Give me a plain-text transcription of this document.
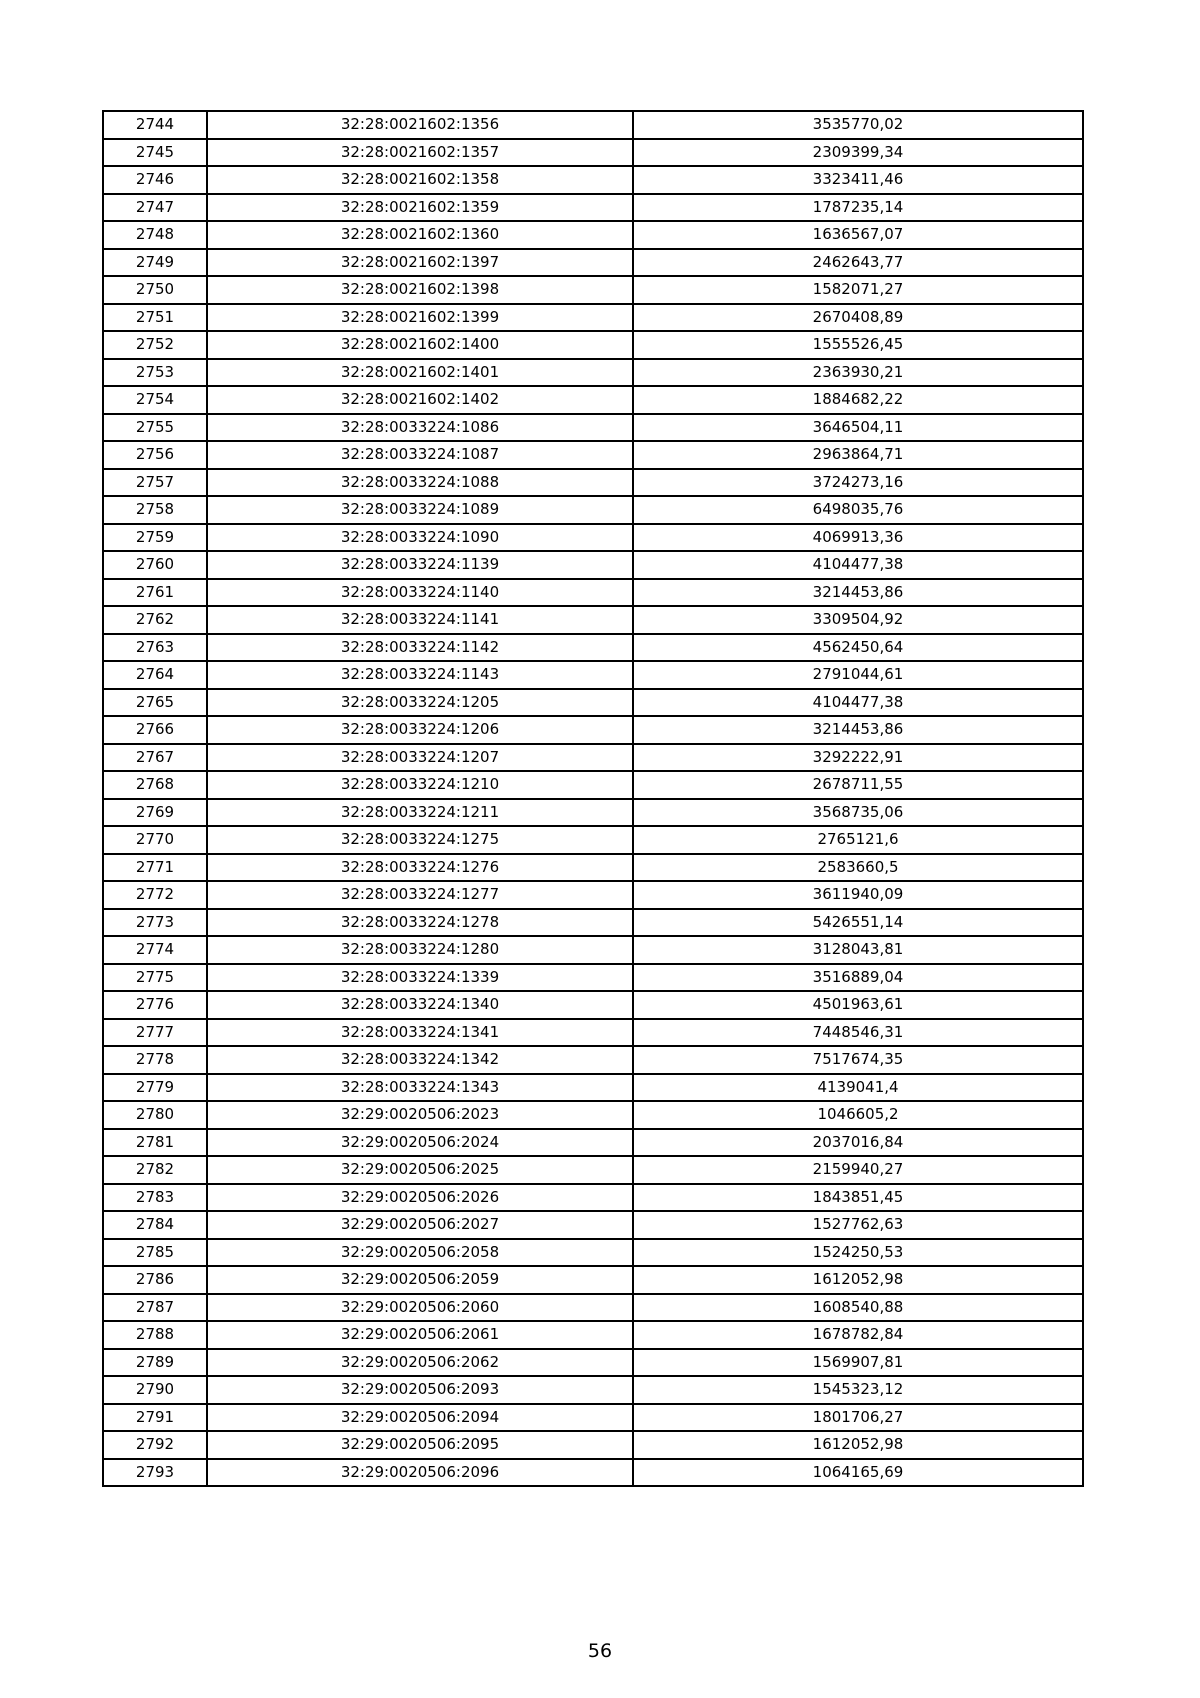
2744	32:28:0021602:1356	3535770,02
2745	32:28:0021602:1357	2309399,34
2746	32:28:0021602:1358	3323411,46
2747	32:28:0021602:1359	1787235,14
2748	32:28:0021602:1360	1636567,07
2749	32:28:0021602:1397	2462643,77
2750	32:28:0021602:1398	1582071,27
2751	32:28:0021602:1399	2670408,89
2752	32:28:0021602:1400	1555526,45
2753	32:28:0021602:1401	2363930,21
2754	32:28:0021602:1402	1884682,22
2755	32:28:0033224:1086	3646504,11
2756	32:28:0033224:1087	2963864,71
2757	32:28:0033224:1088	3724273,16
2758	32:28:0033224:1089	6498035,76
2759	32:28:0033224:1090	4069913,36
2760	32:28:0033224:1139	4104477,38
2761	32:28:0033224:1140	3214453,86
2762	32:28:0033224:1141	3309504,92
2763	32:28:0033224:1142	4562450,64
2764	32:28:0033224:1143	2791044,61
2765	32:28:0033224:1205	4104477,38
2766	32:28:0033224:1206	3214453,86
2767	32:28:0033224:1207	3292222,91
2768	32:28:0033224:1210	2678711,55
2769	32:28:0033224:1211	3568735,06
2770	32:28:0033224:1275	2765121,6
2771	32:28:0033224:1276	2583660,5
2772	32:28:0033224:1277	3611940,09
2773	32:28:0033224:1278	5426551,14
2774	32:28:0033224:1280	3128043,81
2775	32:28:0033224:1339	3516889,04
2776	32:28:0033224:1340	4501963,61
2777	32:28:0033224:1341	7448546,31
2778	32:28:0033224:1342	7517674,35
2779	32:28:0033224:1343	4139041,4
2780	32:29:0020506:2023	1046605,2
2781	32:29:0020506:2024	2037016,84
2782	32:29:0020506:2025	2159940,27
2783	32:29:0020506:2026	1843851,45
2784	32:29:0020506:2027	1527762,63
2785	32:29:0020506:2058	1524250,53
2786	32:29:0020506:2059	1612052,98
2787	32:29:0020506:2060	1608540,88
2788	32:29:0020506:2061	1678782,84
2789	32:29:0020506:2062	1569907,81
2790	32:29:0020506:2093	1545323,12
2791	32:29:0020506:2094	1801706,27
2792	32:29:0020506:2095	1612052,98
2793	32:29:0020506:2096	1064165,69
56
